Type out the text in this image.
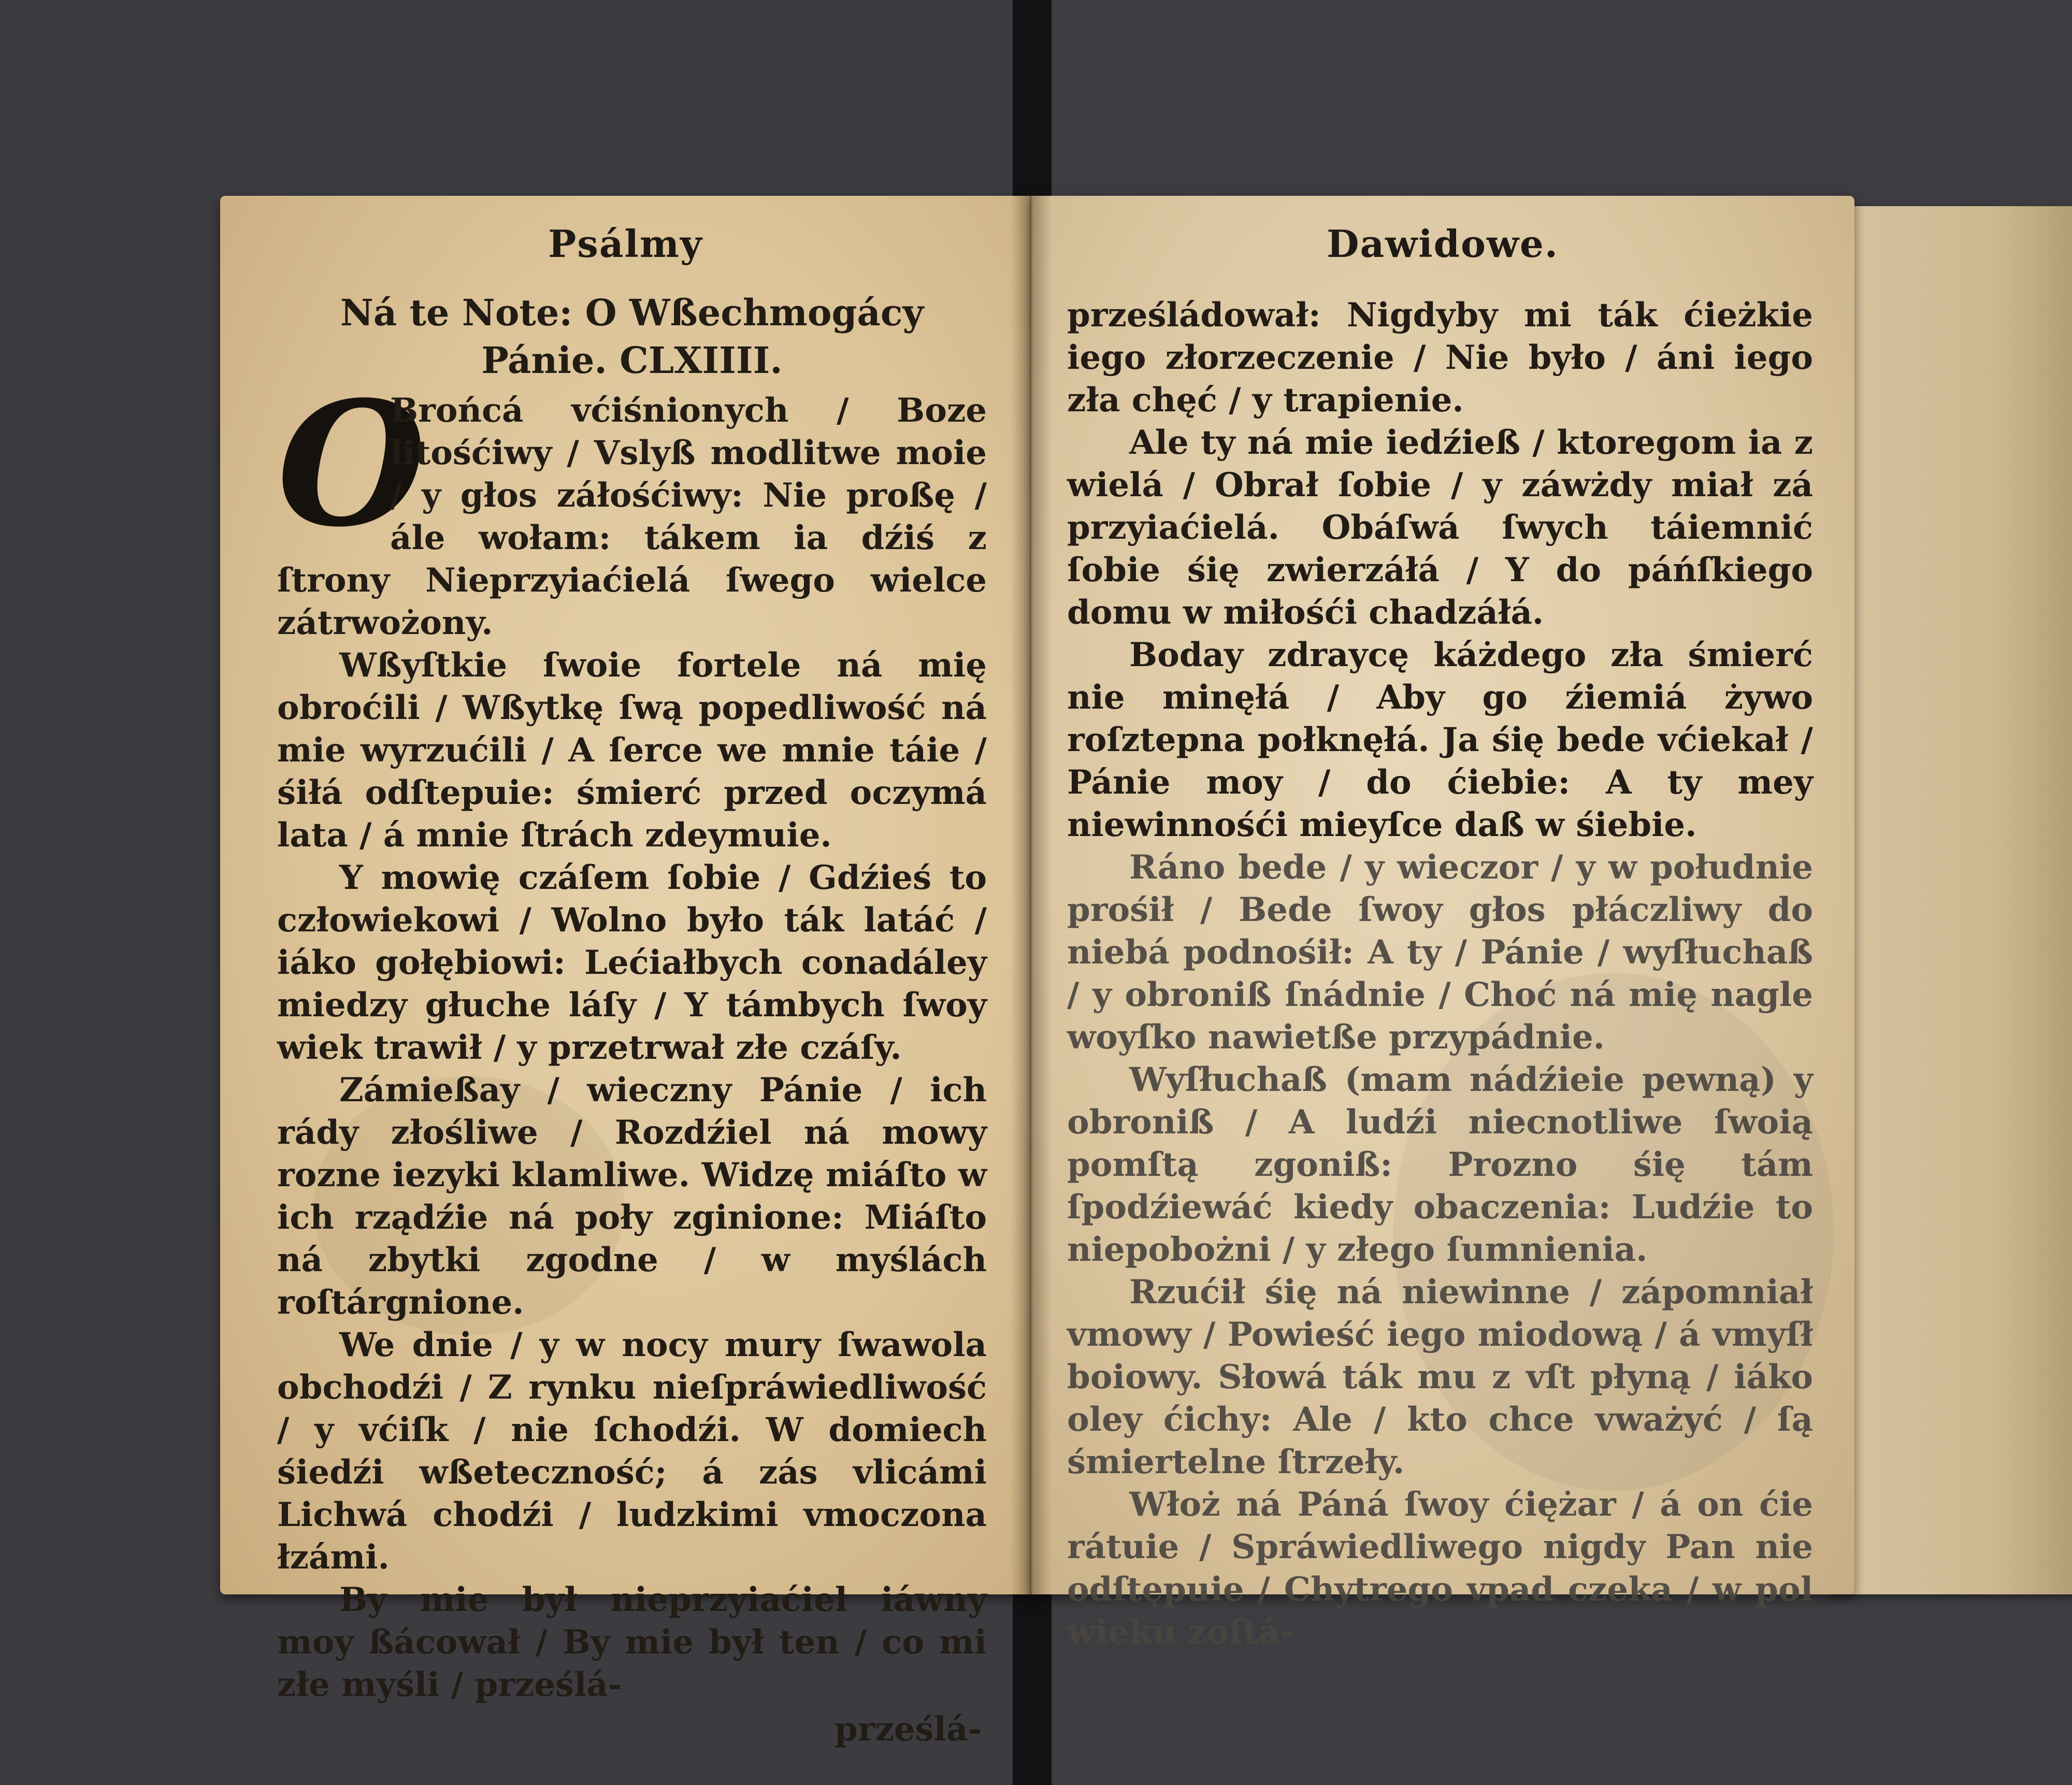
Psálmy
Ná te Note: O Wßechmogácy Pánie. CLXIIII.
O

Brońcá vćiśnionych / Boze litośćiwy / Vslyß modlitwe moie / y głos záłośćiwy: Nie proßę / ále wołam: tákem ia dźiś z ſtrony Nieprzyiaćielá ſwego wielce zátrwożony.

Wßyſtkie ſwoie fortele ná mię obroćili / Wßytkę ſwą popedliwość ná mie wyrzućili / A ſerce we mnie táie / śiłá odſtepuie: śmierć przed oczymá lata / á mnie ſtrách zdeymuie.

Y mowię czáſem ſobie / Gdźieś to człowiekowi / Wolno było ták latáć / iáko gołębiowi: Lećiałbych conadáley miedzy głuche láſy / Y támbych ſwoy wiek trawił / y przetrwał złe czáſy.

Zámießay / wieczny Pánie / ich rády złośliwe / Rozdźiel ná mowy rozne iezyki klamliwe. Widzę miáſto w ich rządźie ná poły zginione: Miáſto ná zbytki zgodne / w myślách roſtárgnione.

We dnie / y w nocy mury ſwawola obchodźi / Z rynku nieſpráwiedliwość / y vćiſk / nie ſchodźi. W domiech śiedźi wßeteczność; á zás vlicámi Lichwá chodźi / ludzkimi vmoczona łzámi.

By mie był nieprzyiaćiel iáwny moy ßácował / By mie był ten / co mi złe myśli / prześlá-

prześlá-
Dawidowe.

prześládował: Nigdyby mi ták ćieżkie iego złorzeczenie / Nie było / áni iego zła chęć / y trapienie.

Ale ty ná mie iedźieß / ktoregom ia z wielá / Obrał ſobie / y záwżdy miał zá przyiaćielá. Obáſwá ſwych táiemnić ſobie śię zwierzáłá / Y do páńſkiego domu w miłośći chadzáłá.

Boday zdraycę káżdego zła śmierć nie minęłá / Aby go źiemiá żywo roſztepna połknęłá. Ja śię bede vćiekał / Pánie moy / do ćiebie: A ty mey niewinnośći mieyſce daß w śiebie.

Ráno bede / y wieczor / y w południe prośił / Bede ſwoy głos płáczliwy do niebá podnośił: A ty / Pánie / wyſłuchaß / y obroniß ſnádnie / Choć ná mię nagle woyſko nawietße przypádnie.

Wyſłuchaß (mam nádźieie pewną) y obroniß / A ludźi niecnotliwe ſwoią pomſtą zgoniß: Prozno śię tám ſpodźiewáć kiedy obaczenia: Ludźie to niepobożni / y złego ſumnienia.

Rzućił śię ná niewinne / zápomniał vmowy / Powieść iego miodową / á vmyſł boiowy. Słowá ták mu z vſt płyną / iáko oley ćichy: Ale / kto chce vważyć / ſą śmiertelne ſtrzeły.

Włoż ná Páná ſwoy ćiężar / á on ćie rátuie / Spráwiedliwego nigdy Pan nie odſtępuie / Chytrego vpad czeka / w pol wieku zoſtá-
